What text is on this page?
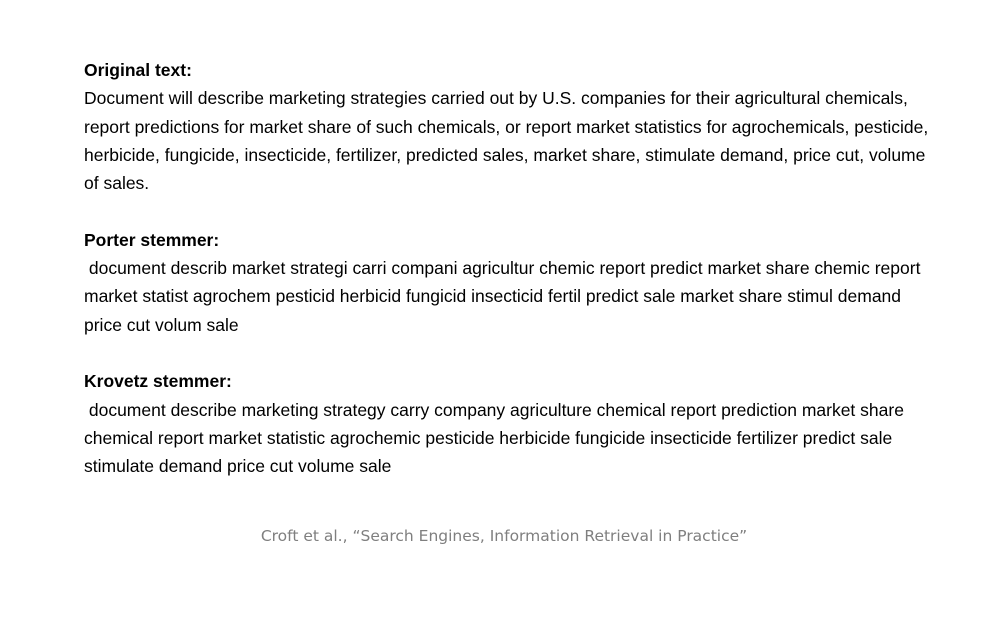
Original text:
Document will describe marketing strategies carried out by U.S. companies for their agricultural chemicals, report predictions for market share of such chemicals, or report market statistics for agrochemicals, pesticide, herbicide, fungicide, insecticide, fertilizer, predicted sales, market share, stimulate demand, price cut, volume of sales.
Porter stemmer:
document describ market strategi carri compani agricultur chemic report predict market share chemic report market statist agrochem pesticid herbicid fungicid insecticid fertil predict sale market share stimul demand price cut volum sale
Krovetz stemmer:
document describe marketing strategy carry company agriculture chemical report prediction market share chemical report market statistic agrochemic pesticide herbicide fungicide insecticide fertilizer predict sale stimulate demand price cut volume sale
Croft et al., “Search Engines, Information Retrieval in Practice”
